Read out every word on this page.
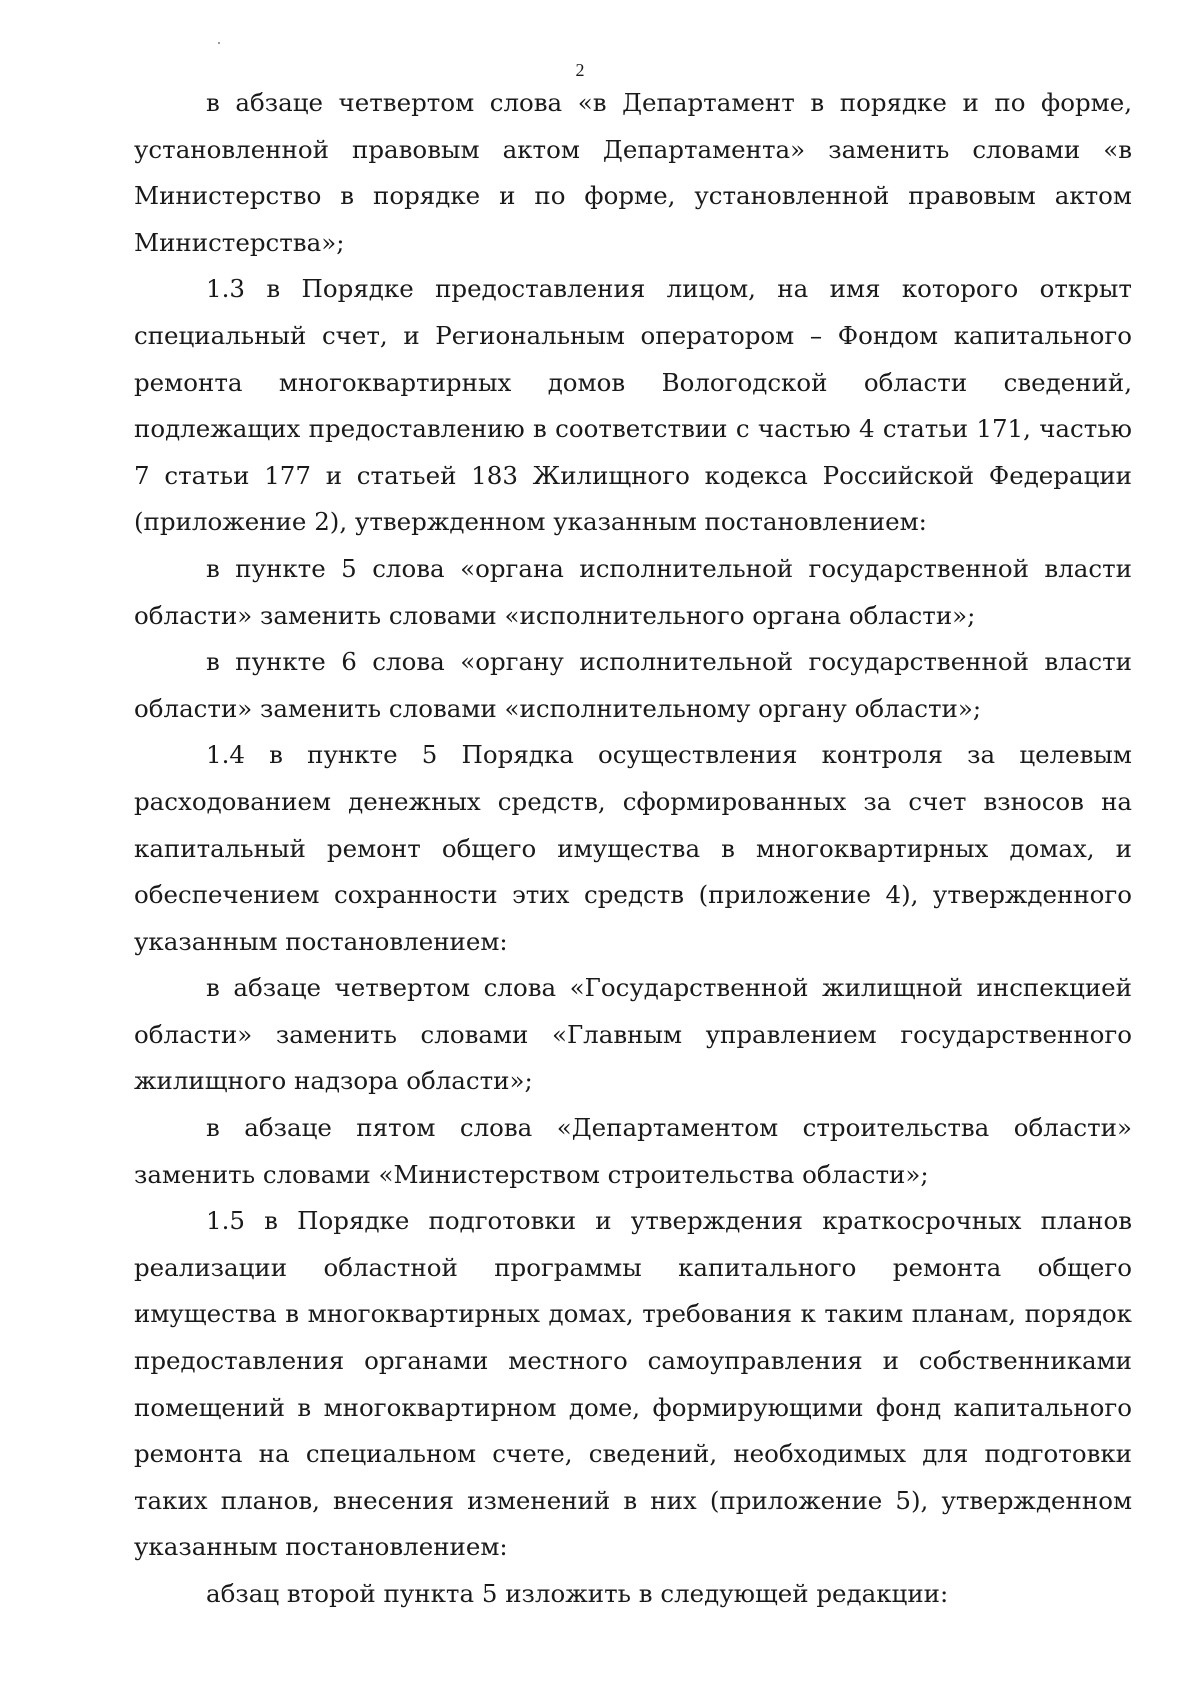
2

в абзаце четвертом слова «в Департамент в порядке и по форме, установленной правовым актом Департамента» заменить словами «в Министерство в порядке и по форме, установленной правовым актом Министерства»;

1.3 в Порядке предоставления лицом, на имя которого открыт специальный счет, и Региональным оператором – Фондом капитального ремонта многоквартирных домов Вологодской области сведений, подлежащих предоставлению в соответствии с частью 4 статьи 171, частью 7 статьи 177 и статьей 183 Жилищного кодекса Российской Федерации (приложение 2), утвержденном указанным постановлением:

в пункте 5 слова «органа исполнительной государственной власти области» заменить словами «исполнительного органа области»;

в пункте 6 слова «органу исполнительной государственной власти области» заменить словами «исполнительному органу области»;

1.4 в пункте 5 Порядка осуществления контроля за целевым расходованием денежных средств, сформированных за счет взносов на капитальный ремонт общего имущества в многоквартирных домах, и обеспечением сохранности этих средств (приложение 4), утвержденного указанным постановлением:

в абзаце четвертом слова «Государственной жилищной инспекцией области» заменить словами «Главным управлением государственного жилищного надзора области»;

в абзаце пятом слова «Департаментом строительства области» заменить словами «Министерством строительства области»;

1.5 в Порядке подготовки и утверждения краткосрочных планов реализации областной программы капитального ремонта общего имущества в многоквартирных домах, требования к таким планам, порядок предоставления органами местного самоуправления и собственниками помещений в многоквартирном доме, формирующими фонд капитального ремонта на специальном счете, сведений, необходимых для подготовки таких планов, внесения изменений в них (приложение 5), утвержденном указанным постановлением:

абзац второй пункта 5 изложить в следующей редакции:
